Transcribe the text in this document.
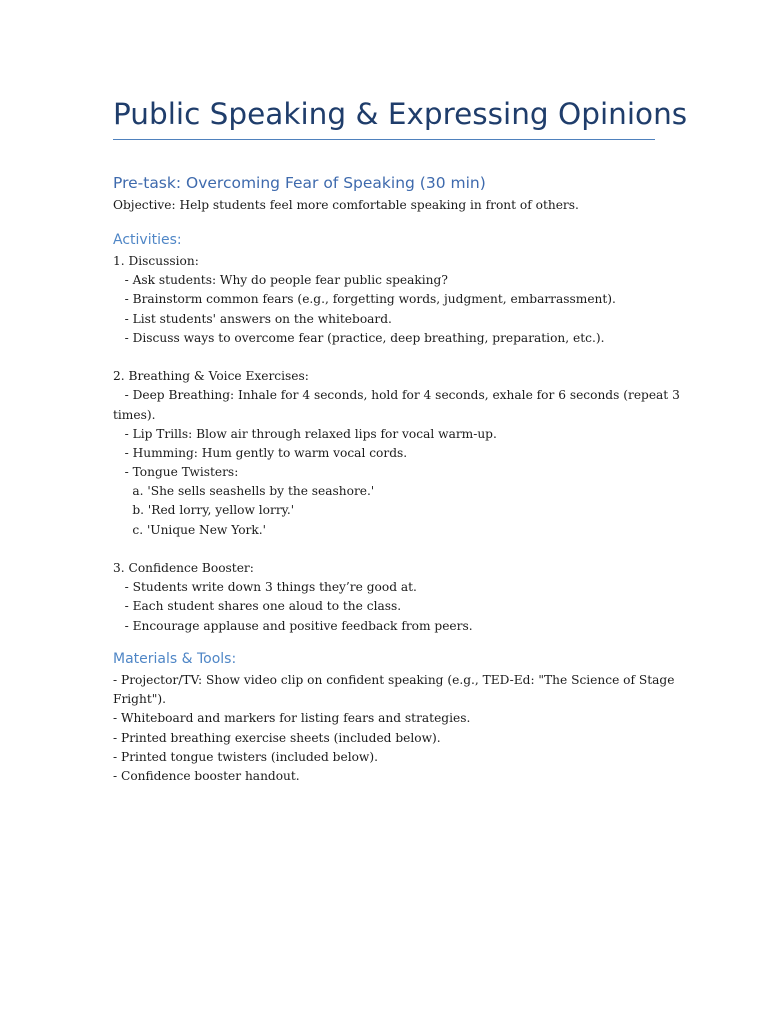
Public Speaking & Expressing Opinions
Pre-task: Overcoming Fear of Speaking (30 min)
Objective: Help students feel more comfortable speaking in front of others.
Activities:
1. Discussion:
- Ask students: Why do people fear public speaking?
- Brainstorm common fears (e.g., forgetting words, judgment, embarrassment).
- List students' answers on the whiteboard.
- Discuss ways to overcome fear (practice, deep breathing, preparation, etc.).
2. Breathing & Voice Exercises:
- Deep Breathing: Inhale for 4 seconds, hold for 4 seconds, exhale for 6 seconds (repeat 3
times).
- Lip Trills: Blow air through relaxed lips for vocal warm-up.
- Humming: Hum gently to warm vocal cords.
- Tongue Twisters:
a. 'She sells seashells by the seashore.'
b. 'Red lorry, yellow lorry.'
c. 'Unique New York.'
3. Confidence Booster:
- Students write down 3 things they’re good at.
- Each student shares one aloud to the class.
- Encourage applause and positive feedback from peers.
Materials & Tools:
- Projector/TV: Show video clip on confident speaking (e.g., TED-Ed: "The Science of Stage
Fright").
- Whiteboard and markers for listing fears and strategies.
- Printed breathing exercise sheets (included below).
- Printed tongue twisters (included below).
- Confidence booster handout.
